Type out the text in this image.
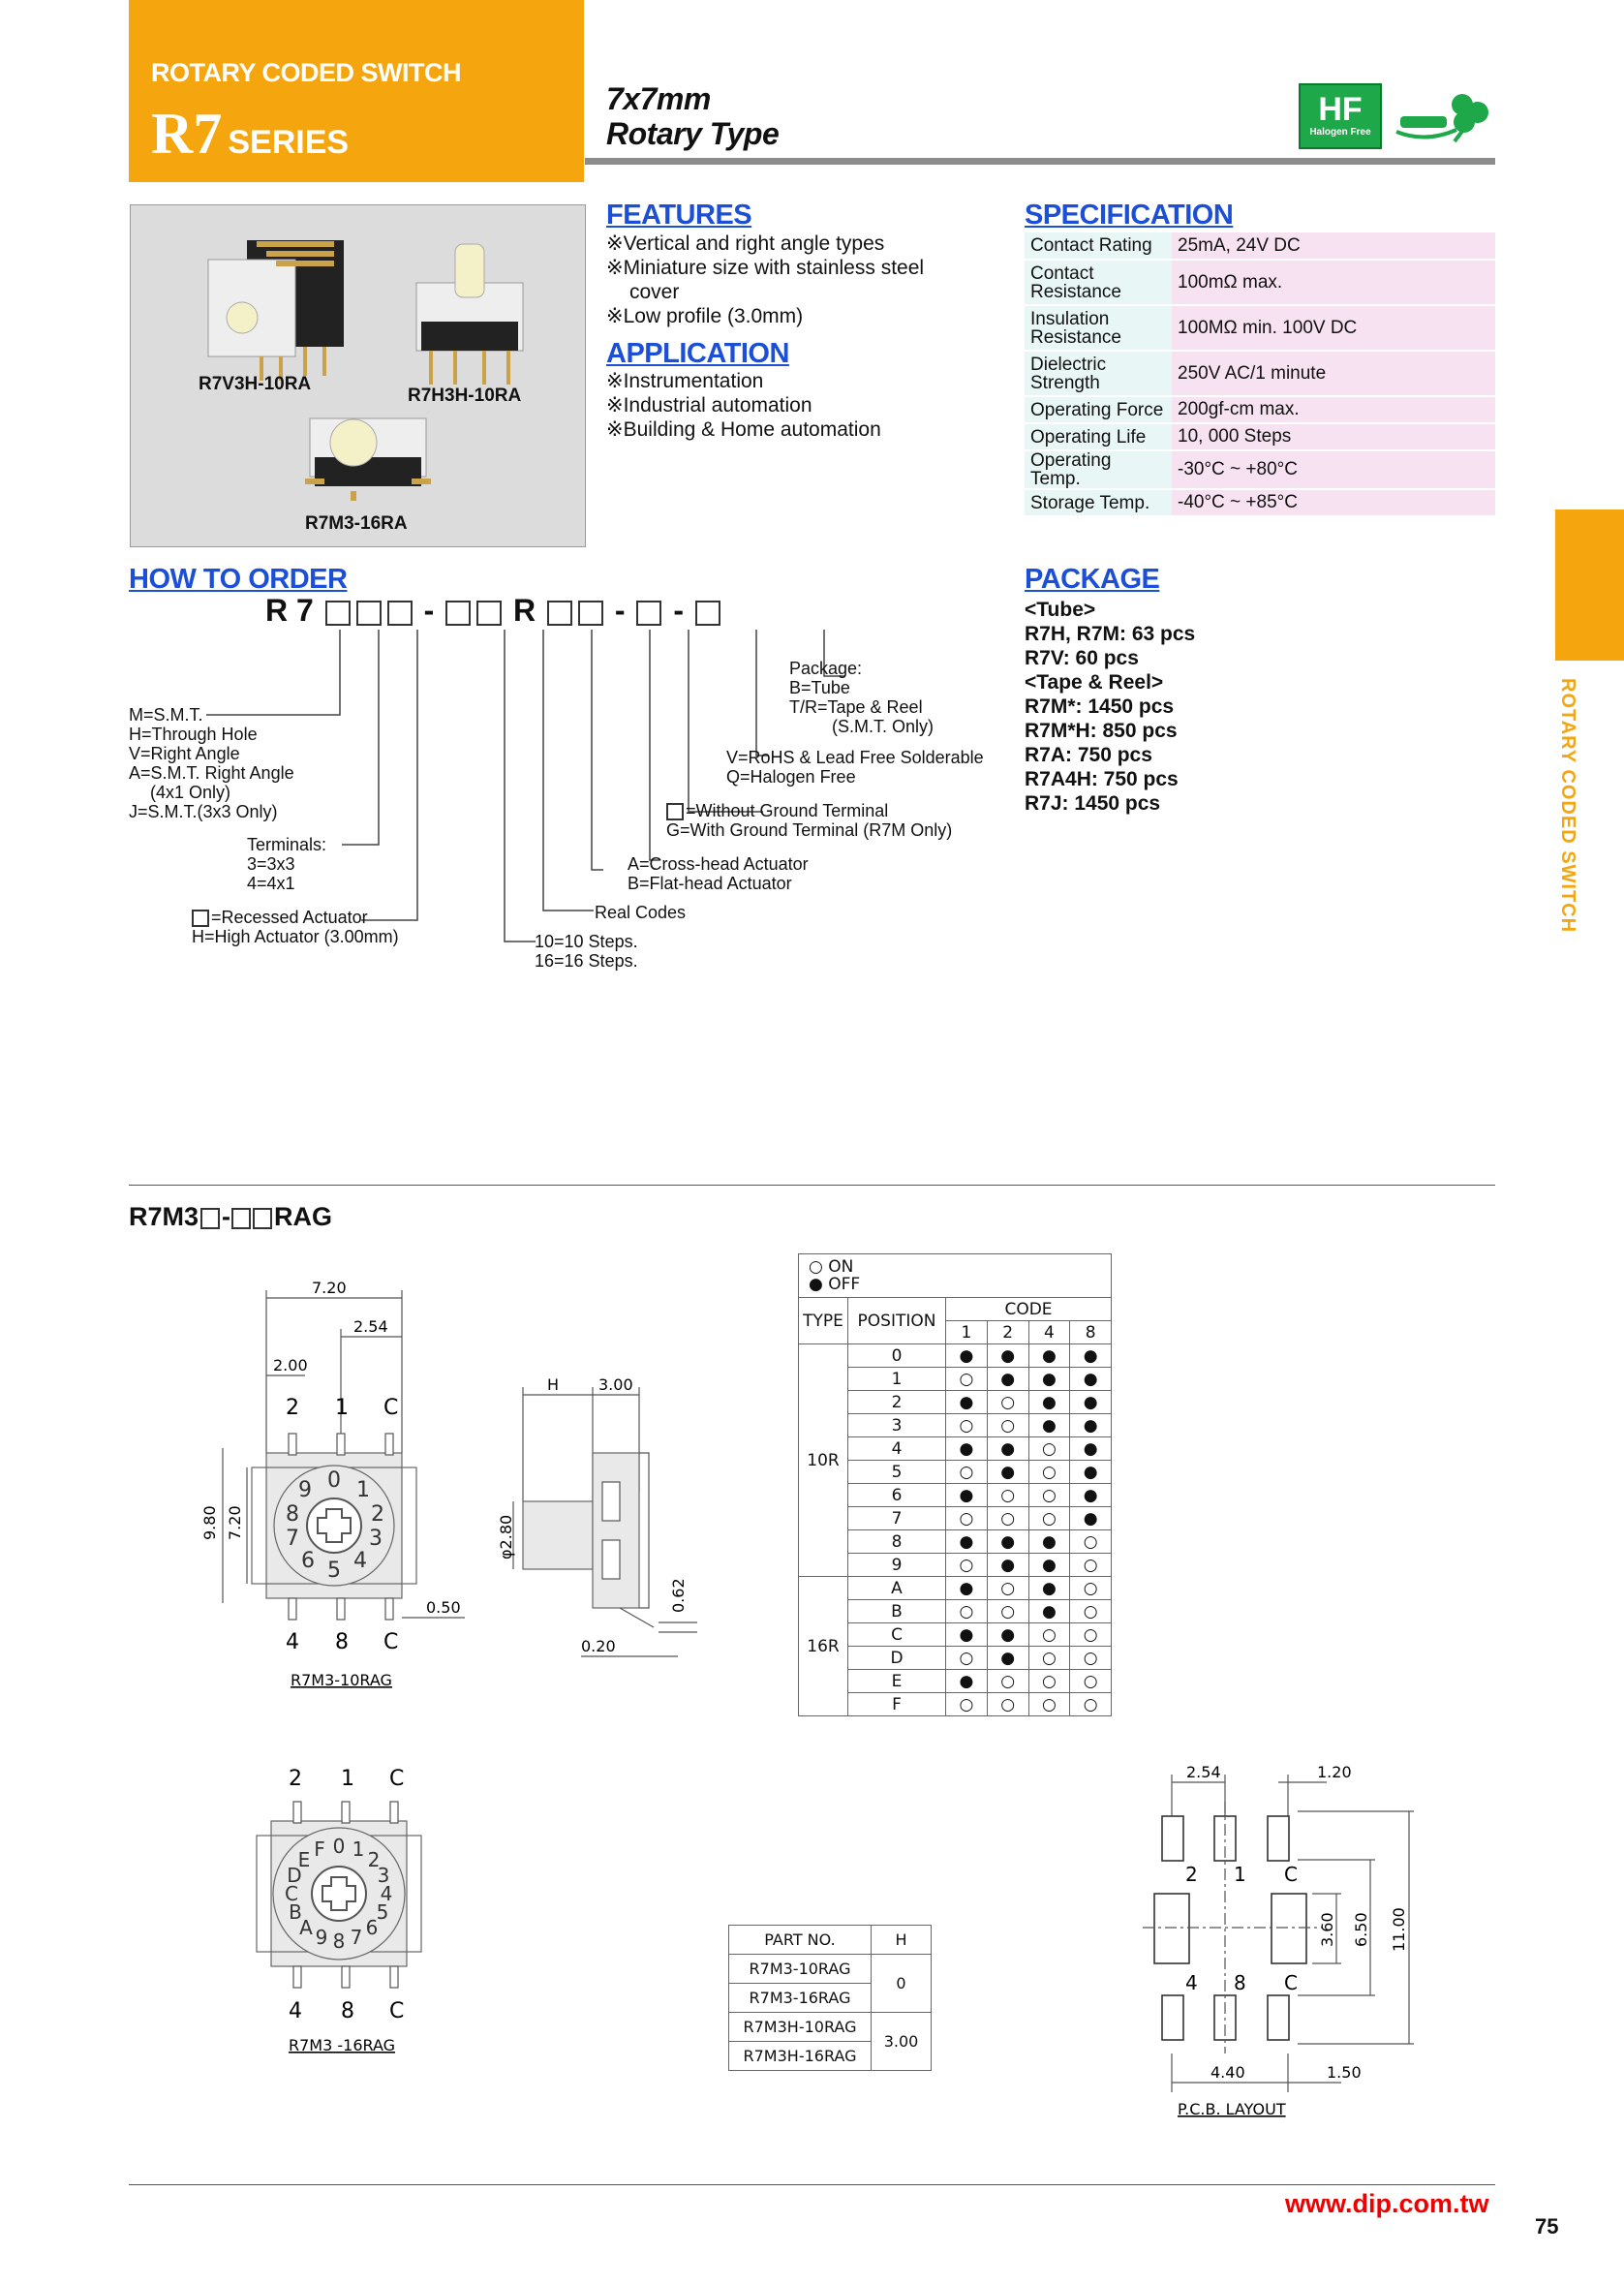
ROTARY CODED SWITCH
R7 SERIES
7x7mm
Rotary Type
HF
Halogen Free
R7V3H-10RA
R7H3H-10RA
R7M3-16RA
FEATURES
※Vertical and right angle types
※Miniature size with stainless steel
cover
※Low profile (3.0mm)
APPLICATION
※Instrumentation
※Industrial automation
※Building & Home automation
SPECIFICATION
Contact Rating	25mA, 24V DC
Contact Resistance	100mΩ max.
Insulation Resistance	100MΩ min. 100V DC
Dielectric Strength	250V AC/1 minute
Operating Force	200gf-cm max.
Operating Life	10, 000 Steps
Operating Temp.	-30°C ~ +80°C
Storage Temp.	-40°C ~ +85°C
ROTARY CODED SWITCH
HOW TO ORDER
R 7	-	R	- -
M=S.M.T.
H=Through Hole
V=Right Angle
A=S.M.T. Right Angle
(4x1 Only)
J=S.M.T.(3x3 Only)
Terminals:
3=3x3
4=4x1
=Recessed Actuator
H=High Actuator (3.00mm)	10=10 Steps.
16=16 Steps.
Real Codes
A=Cross-head Actuator
B=Flat-head Actuator
=Without Ground Terminal
G=With Ground Terminal (R7M Only)
V=RoHS & Lead Free Solderable
Q=Halogen Free
Package:
B=Tube
T/R=Tape & Reel
(S.M.T. Only)
PACKAGE
<Tube>
R7H, R7M: 63 pcs
R7V: 60 pcs
<Tape & Reel>
R7M*: 1450 pcs
R7M*H: 850 pcs
R7A: 750 pcs
R7A4H: 750 pcs
R7J: 1450 pcs
R7M3 - RAG
7.20
2.54
2.00
9.80 7.20
0.50
2 1 C
4 8 C
0 1
2
3
4
5
6
7
8
9
R7M3-10RAG
H	3.00
φ2.80
0.62
0.20
○ ON
● OFF					

TYPE	POSITION	CODE			
		1	2	4	8
10R	0	●	●	●	●
	1	○	●	●	●
	2	●	○	●	●
	3	○	○	●	●
	4	●	●	○	●
	5	○	●	○	●
	6	●	○	○	●
	7	○	○	○	●
	8	●	●	●	○
	9	○	●	●	○
16R	A	●	○	●	○
	B	○	○	●	○
	C	●	●	○	○
	D	○	●	○	○
	E	●	○	○	○
	F	○	○	○	○
2 1 C
4 8 C
0 1 2
3
4
5
6
7
8
9
A
B
C
D
E F
R7M3 -16RAG
PART NO.	H
R7M3-10RAG	0
R7M3-16RAG	
R7M3H-10RAG	3.00
R7M3H-16RAG	
2.54	1.20
3.60 6.50 11.00
4.40	1.50
2 1 C
4 8 C
P.C.B. LAYOUT
www.dip.com.tw
75
